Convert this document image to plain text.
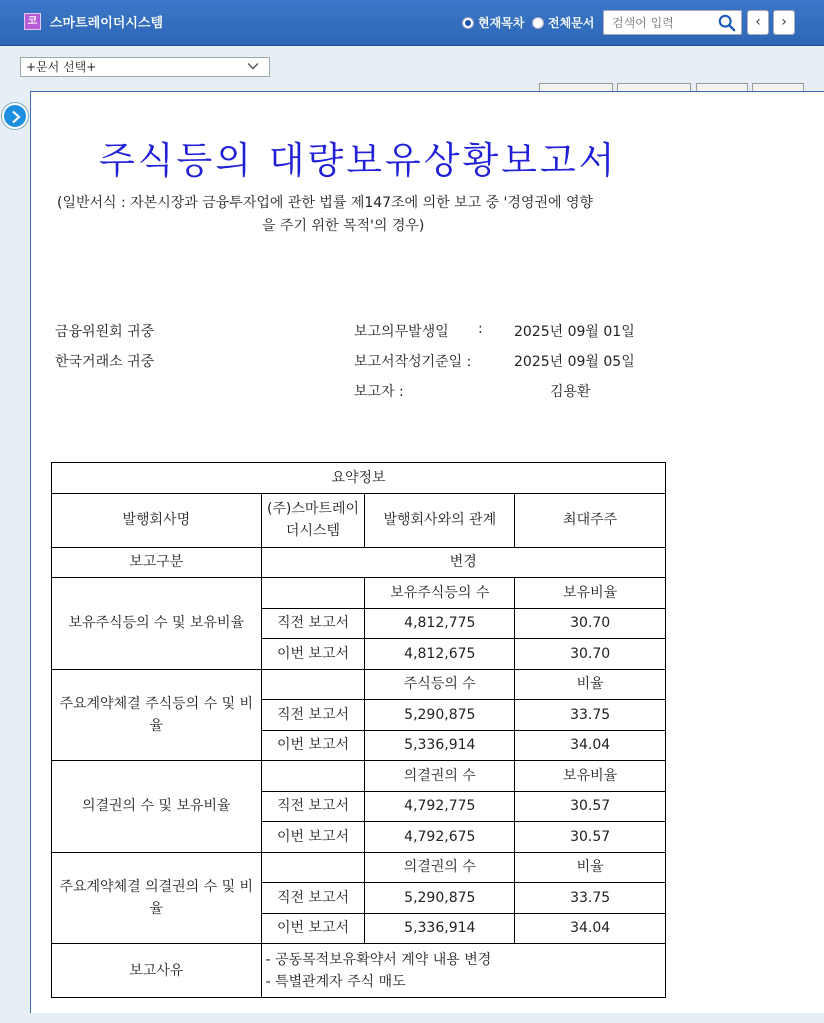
코 스마트레이더시스템	현재목차 전체문서
검색어 입력	‹	›
+문서 선택+
주식등의 대량보유상황보고서
(일반서식 : 자본시장과 금융투자업에 관한 법률 제147조에 의한 보고 중 '경영권에 영향
을 주기 위한 목적'의 경우)
금융위원회 귀중
한국거래소 귀중
보고의무발생일 : 2025년 09월 01일
보고서작성기준일 :	2025년 09월 05일
보고자 :	김용환
요약정보			
발행회사명	(주)스마트레이더시스템	발행회사와의 관계	최대주주
보고구분	변경		
보유주식등의 수 및 보유비율		보유주식등의 수	보유비율
	직전 보고서	4,812,775	30.70
	이번 보고서	4,812,675	30.70
주요계약체결 주식등의 수 및 비율		주식등의 수	비율
	직전 보고서	5,290,875	33.75
	이번 보고서	5,336,914	34.04
의결권의 수 및 보유비율		의결권의 수	보유비율
	직전 보고서	4,792,775	30.57
	이번 보고서	4,792,675	30.57
주요계약체결 의결권의 수 및 비율		의결권의 수	비율
	직전 보고서	5,290,875	33.75
	이번 보고서	5,336,914	34.04
보고사유	- 공동목적보유확약서 계약 내용 변경
- 특별관계자 주식 매도		
